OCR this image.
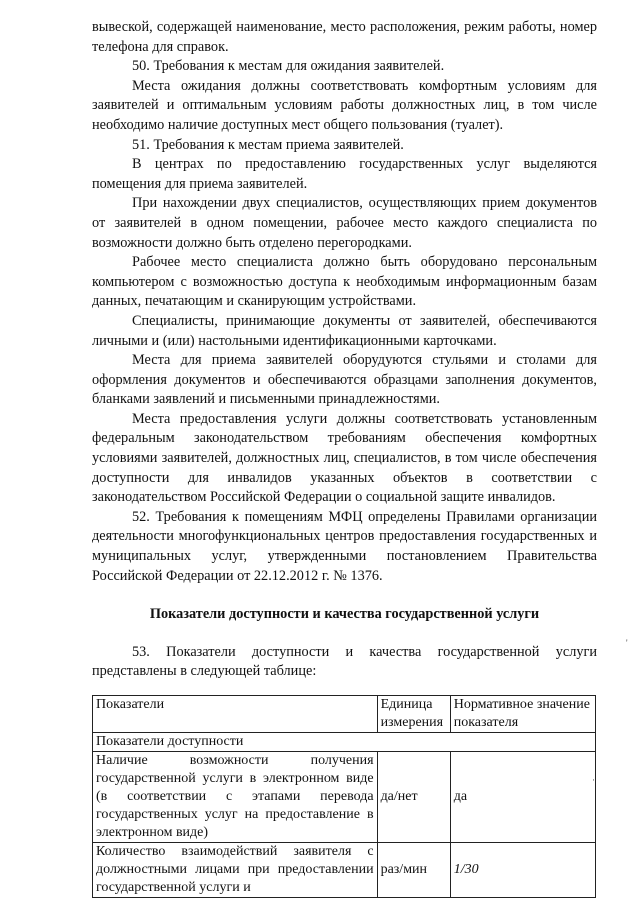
вывеской, содержащей наименование, место расположения, режим работы, номер телефона для справок.

50. Требования к местам для ожидания заявителей.

Места ожидания должны соответствовать комфортным условиям для заявителей и оптимальным условиям работы должностных лиц, в том числе необходимо наличие доступных мест общего пользования (туалет).

51. Требования к местам приема заявителей.

В центрах по предоставлению государственных услуг выделяются помещения для приема заявителей.

При нахождении двух специалистов, осуществляющих прием документов от заявителей в одном помещении, рабочее место каждого специалиста по возможности должно быть отделено перегородками.

Рабочее место специалиста должно быть оборудовано персональным компьютером с возможностью доступа к необходимым информационным базам данных, печатающим и сканирующим устройствами.

Специалисты, принимающие документы от заявителей, обеспечиваются личными и (или) настольными идентификационными карточками.

Места для приема заявителей оборудуются стульями и столами для оформления документов и обеспечиваются образцами заполнения документов, бланками заявлений и письменными принадлежностями.

Места предоставления услуги должны соответствовать установленным федеральным законодательством требованиям обеспечения комфортных условиями заявителей, должностных лиц, специалистов, в том числе обеспечения доступности для инвалидов указанных объектов в соответствии с законодательством Российской Федерации о социальной защите инвалидов.

52. Требования к помещениям МФЦ определены Правилами организации деятельности многофункциональных центров предоставления государственных и муниципальных услуг, утвержденными постановлением Правительства Российской Федерации от 22.12.2012 г. № 1376.

Показатели доступности и качества государственной услуги

53. Показатели доступности и качества государственной услуги представлены в следующей таблице:

Показатели	Единица измерения	Нормативное значение показателя
Показатели доступности		
Наличие возможности получения государственной услуги в электронном виде (в соответствии с этапами перевода государственных услуг на предоставление в электронном виде)	да/нет	да
Количество взаимодействий заявителя с должностными лицами при предоставлении государственной услуги и	раз/мин	1/30
'
·
